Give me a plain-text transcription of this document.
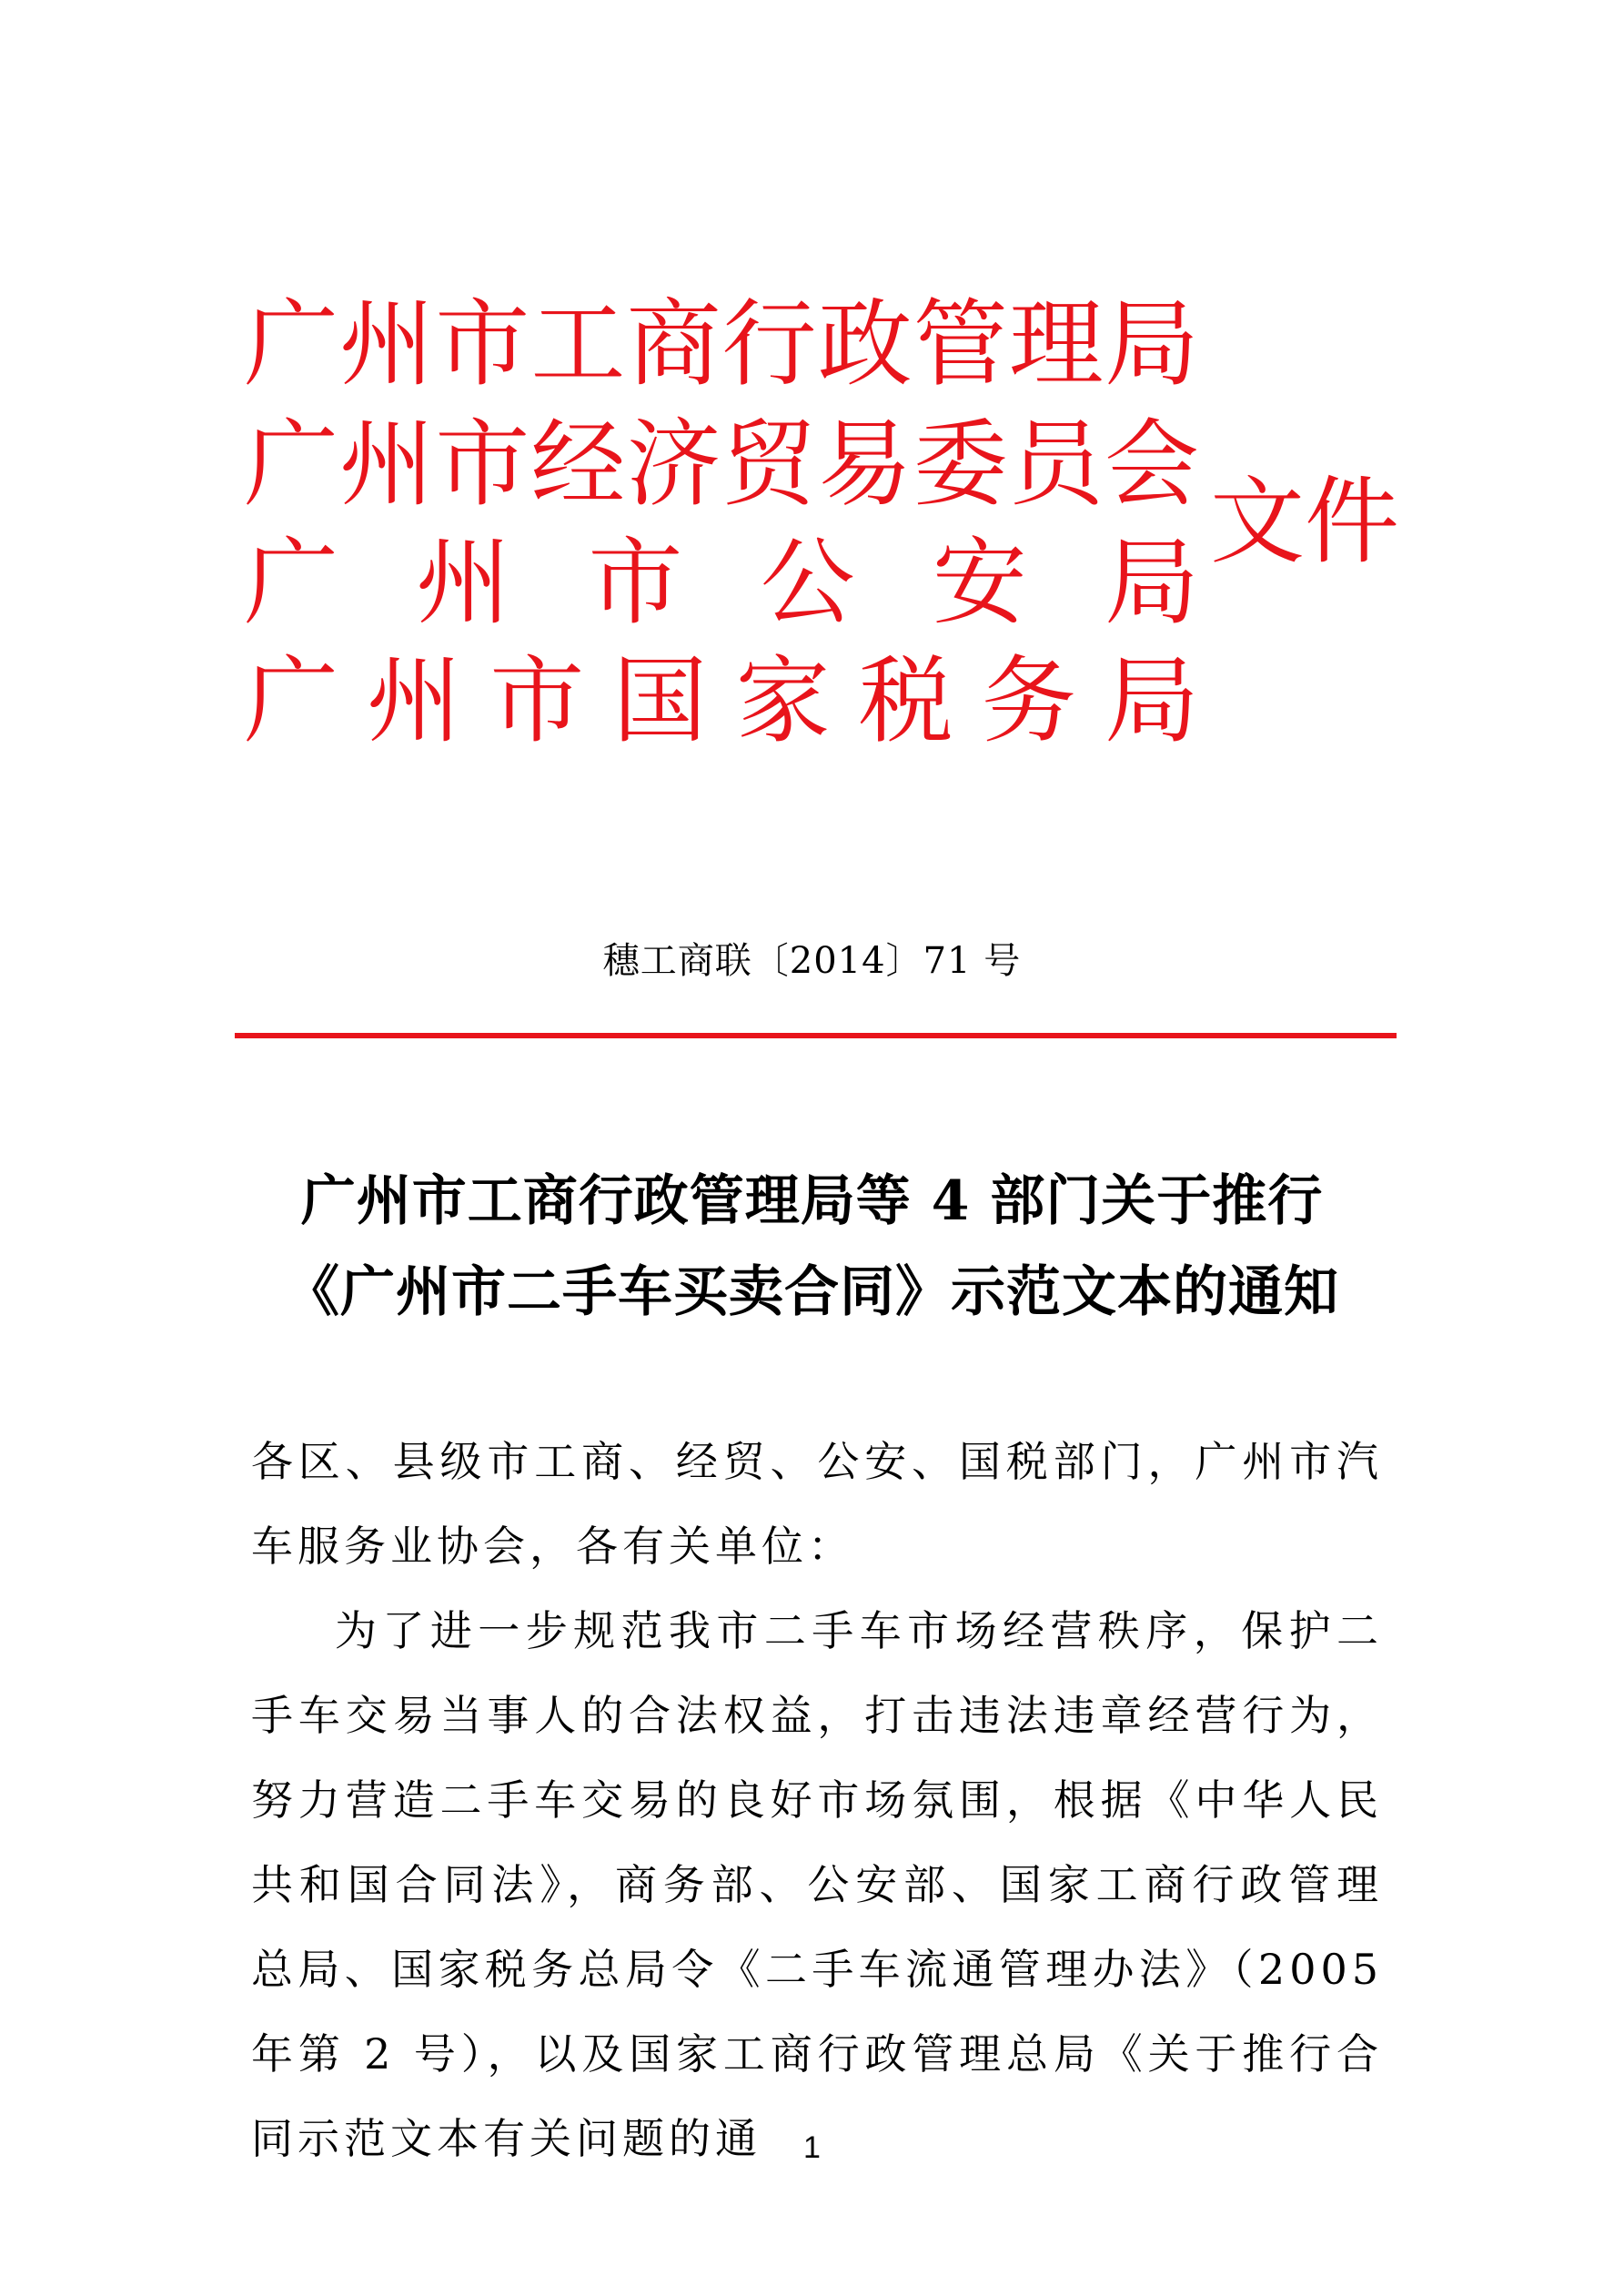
广 州 市 工 商 行 政 管 理 局
广 州 市 经 济 贸 易 委 员 会
广 州 市 公 安 局
广 州 市 国 家 税 务 局
文件
穗工商联〔2014〕71 号
广州市工商行政管理局等 4 部门关于推行
《广州市二手车买卖合同》示范文本的通知

各区、县级市工商、经贸、公安、国税部门，广州市汽车服务业协会，各有关单位：

为了进一步规范我市二手车市场经营秩序，保护二手车交易当事人的合法权益，打击违法违章经营行为，努力营造二手车交易的良好市场氛围，根据《中华人民共和国合同法》，商务部、公安部、国家工商行政管理总局、国家税务总局令《二手车流通管理办法》（2005 年第 2 号），以及国家工商行政管理总局《关于推行合同示范文本有关问题的通	1
